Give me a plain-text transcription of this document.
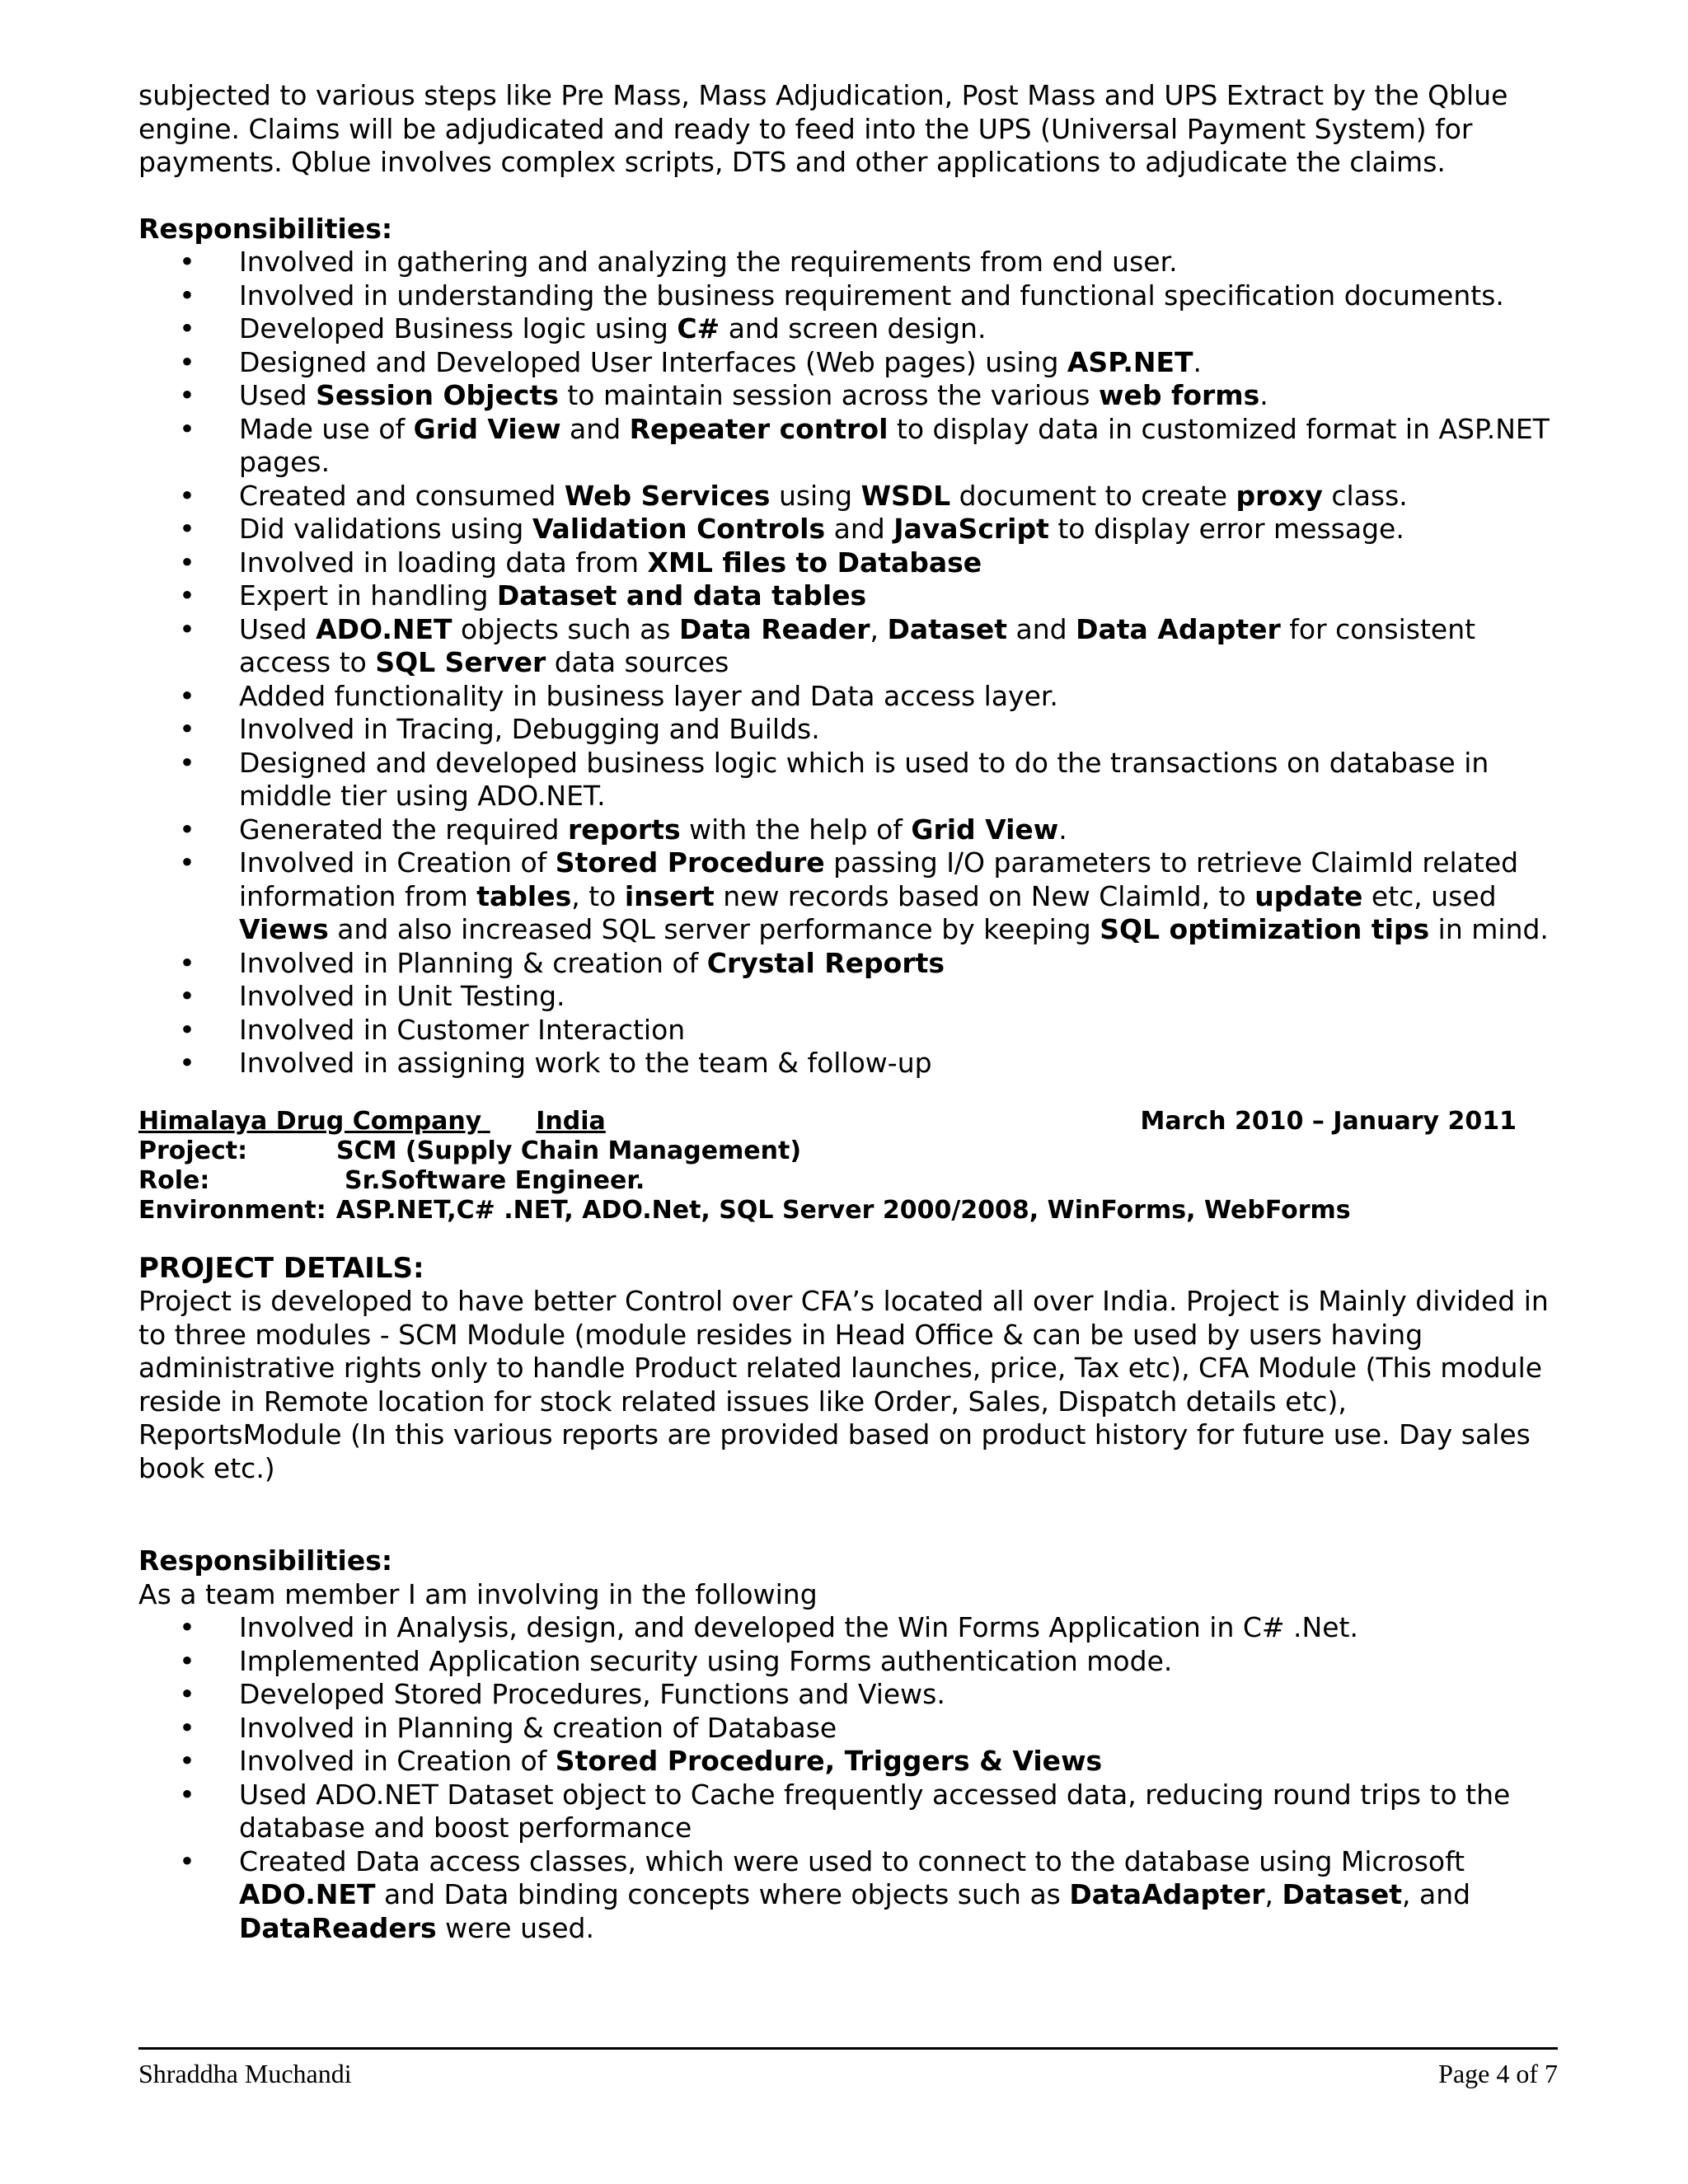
subjected to various steps like Pre Mass, Mass Adjudication, Post Mass and UPS Extract by the Qblue engine. Claims will be adjudicated and ready to feed into the UPS (Universal Payment System) for payments. Qblue involves complex scripts, DTS and other applications to adjudicate the claims.

Responsibilities:

• Involved in gathering and analyzing the requirements from end user.
• Involved in understanding the business requirement and functional specification documents.
• Developed Business logic using C# and screen design.
• Designed and Developed User Interfaces (Web pages) using ASP.NET.
• Used Session Objects to maintain session across the various web forms.
• Made use of Grid View and Repeater control to display data in customized format in ASP.NET pages.
• Created and consumed Web Services using WSDL document to create proxy class.
• Did validations using Validation Controls and JavaScript to display error message.
• Involved in loading data from XML files to Database
• Expert in handling Dataset and data tables
• Used ADO.NET objects such as Data Reader, Dataset and Data Adapter for consistent access to SQL Server data sources
• Added functionality in business layer and Data access layer.
• Involved in Tracing, Debugging and Builds.
• Designed and developed business logic which is used to do the transactions on database in middle tier using ADO.NET.
• Generated the required reports with the help of Grid View.
• Involved in Creation of Stored Procedure passing I/O parameters to retrieve ClaimId related information from tables, to insert new records based on New ClaimId, to update etc, used Views and also increased SQL server performance by keeping SQL optimization tips in mind.
• Involved in Planning & creation of Crystal Reports
• Involved in Unit Testing.
• Involved in Customer Interaction
• Involved in assigning work to the team & follow-up
Himalaya Drug Company India	March 2010 – January 2011
Project:	SCM (Supply Chain Management)
Role:	Sr.Software Engineer.
Environment: ASP.NET,C# .NET, ADO.Net, SQL Server 2000/2008, WinForms, WebForms

PROJECT DETAILS:

Project is developed to have better Control over CFA’s located all over India. Project is Mainly divided in to three modules - SCM Module (module resides in Head Office & can be used by users having administrative rights only to handle Product related launches, price, Tax etc), CFA Module (This module reside in Remote location for stock related issues like Order, Sales, Dispatch details etc), ReportsModule (In this various reports are provided based on product history for future use. Day sales book etc.)

Responsibilities:

As a team member I am involving in the following

• Involved in Analysis, design, and developed the Win Forms Application in C# .Net.
• Implemented Application security using Forms authentication mode.
• Developed Stored Procedures, Functions and Views.
• Involved in Planning & creation of Database
• Involved in Creation of Stored Procedure, Triggers & Views
• Used ADO.NET Dataset object to Cache frequently accessed data, reducing round trips to the database and boost performance
• Created Data access classes, which were used to connect to the database using Microsoft ADO.NET and Data binding concepts where objects such as DataAdapter, Dataset, and DataReaders were used.
Shraddha Muchandi	Page 4 of 7
